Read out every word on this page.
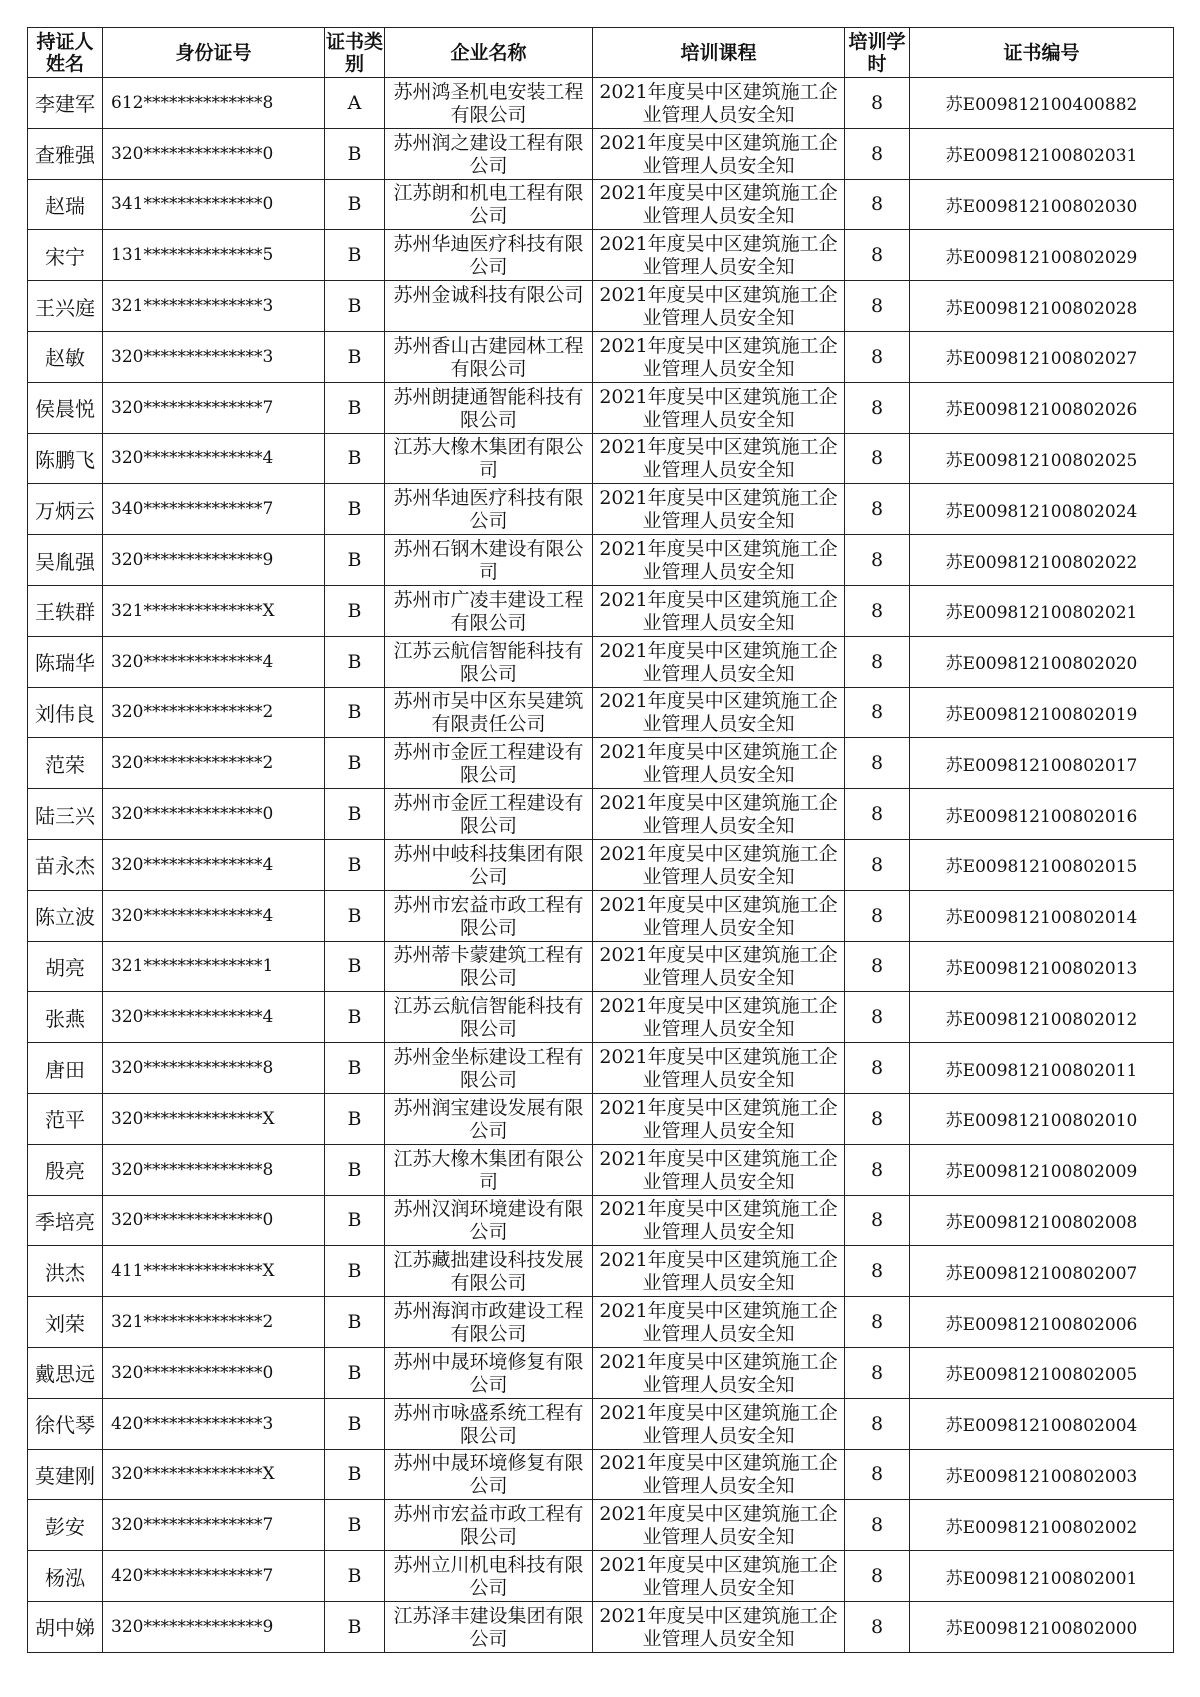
持证人姓名	身份证号	证书类别	企业名称	培训课程	培训学时	证书编号
李建军	612**************8	A	苏州鸿圣机电安装工程有限公司	2021年度吴中区建筑施工企业管理人员安全知	8	苏E009812100400882
查雅强	320**************0	B	苏州润之建设工程有限公司	2021年度吴中区建筑施工企业管理人员安全知	8	苏E009812100802031
赵瑞	341**************0	B	江苏朗和机电工程有限公司	2021年度吴中区建筑施工企业管理人员安全知	8	苏E009812100802030
宋宁	131**************5	B	苏州华迪医疗科技有限公司	2021年度吴中区建筑施工企业管理人员安全知	8	苏E009812100802029
王兴庭	321**************3	B	苏州金诚科技有限公司	2021年度吴中区建筑施工企业管理人员安全知	8	苏E009812100802028
赵敏	320**************3	B	苏州香山古建园林工程有限公司	2021年度吴中区建筑施工企业管理人员安全知	8	苏E009812100802027
侯晨悦	320**************7	B	苏州朗捷通智能科技有限公司	2021年度吴中区建筑施工企业管理人员安全知	8	苏E009812100802026
陈鹏飞	320**************4	B	江苏大橡木集团有限公司	2021年度吴中区建筑施工企业管理人员安全知	8	苏E009812100802025
万炳云	340**************7	B	苏州华迪医疗科技有限公司	2021年度吴中区建筑施工企业管理人员安全知	8	苏E009812100802024
吴胤强	320**************9	B	苏州石钢木建设有限公司	2021年度吴中区建筑施工企业管理人员安全知	8	苏E009812100802022
王轶群	321**************X	B	苏州市广凌丰建设工程有限公司	2021年度吴中区建筑施工企业管理人员安全知	8	苏E009812100802021
陈瑞华	320**************4	B	江苏云航信智能科技有限公司	2021年度吴中区建筑施工企业管理人员安全知	8	苏E009812100802020
刘伟良	320**************2	B	苏州市吴中区东吴建筑有限责任公司	2021年度吴中区建筑施工企业管理人员安全知	8	苏E009812100802019
范荣	320**************2	B	苏州市金匠工程建设有限公司	2021年度吴中区建筑施工企业管理人员安全知	8	苏E009812100802017
陆三兴	320**************0	B	苏州市金匠工程建设有限公司	2021年度吴中区建筑施工企业管理人员安全知	8	苏E009812100802016
苗永杰	320**************4	B	苏州中岐科技集团有限公司	2021年度吴中区建筑施工企业管理人员安全知	8	苏E009812100802015
陈立波	320**************4	B	苏州市宏益市政工程有限公司	2021年度吴中区建筑施工企业管理人员安全知	8	苏E009812100802014
胡亮	321**************1	B	苏州蒂卡蒙建筑工程有限公司	2021年度吴中区建筑施工企业管理人员安全知	8	苏E009812100802013
张燕	320**************4	B	江苏云航信智能科技有限公司	2021年度吴中区建筑施工企业管理人员安全知	8	苏E009812100802012
唐田	320**************8	B	苏州金坐标建设工程有限公司	2021年度吴中区建筑施工企业管理人员安全知	8	苏E009812100802011
范平	320**************X	B	苏州润宝建设发展有限公司	2021年度吴中区建筑施工企业管理人员安全知	8	苏E009812100802010
殷亮	320**************8	B	江苏大橡木集团有限公司	2021年度吴中区建筑施工企业管理人员安全知	8	苏E009812100802009
季培亮	320**************0	B	苏州汉润环境建设有限公司	2021年度吴中区建筑施工企业管理人员安全知	8	苏E009812100802008
洪杰	411**************X	B	江苏藏拙建设科技发展有限公司	2021年度吴中区建筑施工企业管理人员安全知	8	苏E009812100802007
刘荣	321**************2	B	苏州海润市政建设工程有限公司	2021年度吴中区建筑施工企业管理人员安全知	8	苏E009812100802006
戴思远	320**************0	B	苏州中晟环境修复有限公司	2021年度吴中区建筑施工企业管理人员安全知	8	苏E009812100802005
徐代琴	420**************3	B	苏州市咏盛系统工程有限公司	2021年度吴中区建筑施工企业管理人员安全知	8	苏E009812100802004
莫建刚	320**************X	B	苏州中晟环境修复有限公司	2021年度吴中区建筑施工企业管理人员安全知	8	苏E009812100802003
彭安	320**************7	B	苏州市宏益市政工程有限公司	2021年度吴中区建筑施工企业管理人员安全知	8	苏E009812100802002
杨泓	420**************7	B	苏州立川机电科技有限公司	2021年度吴中区建筑施工企业管理人员安全知	8	苏E009812100802001
胡中娣	320**************9	B	江苏泽丰建设集团有限公司	2021年度吴中区建筑施工企业管理人员安全知	8	苏E009812100802000
